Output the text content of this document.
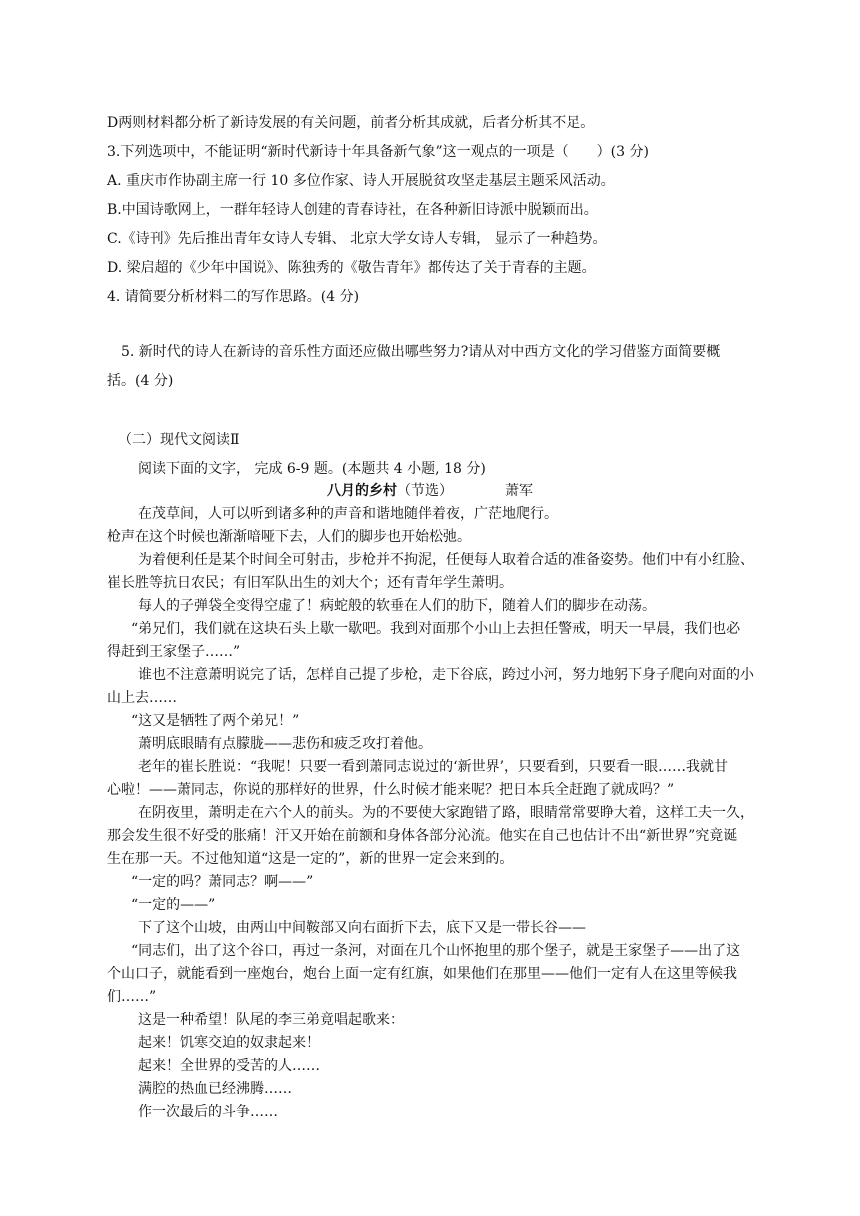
D两则材料都分析了新诗发展的有关问题，前者分析其成就，后者分析其不足。
3.下列选项中，不能证明“新时代新诗十年具备新气象”这一观点的一项是（　　）(3 分)
A. 重庆市作协副主席一行 10 多位作家、诗人开展脱贫攻坚走基层主题采风活动。
B.中国诗歌网上，一群年轻诗人创建的青春诗社，在各种新旧诗派中脱颖而出。
C.《诗刊》先后推出青年女诗人专辑、 北京大学女诗人专辑， 显示了一种趋势。
D. 梁启超的《少年中国说》、陈独秀的《敬告青年》都传达了关于青春的主题。
4. 请简要分析材料二的写作思路。(4 分)
5. 新时代的诗人在新诗的音乐性方面还应做出哪些努力?请从对中西方文化的学习借鉴方面简要概
括。(4 分)
（二）现代文阅读Ⅱ
阅读下面的文字， 完成 6-9 题。(本题共 4 小题, 18 分)
八月的乡村（节选）	萧军
在茂草间，人可以听到诸多种的声音和谐地随伴着夜，广茫地爬行。
枪声在这个时候也渐渐喑哑下去，人们的脚步也开始松弛。
为着便利任是某个时间全可射击，步枪并不拘泥，任便每人取着合适的准备姿势。他们中有小红脸、
崔长胜等抗日农民；有旧军队出生的刘大个；还有青年学生萧明。
每人的子弹袋全变得空虚了！病蛇般的软垂在人们的肋下，随着人们的脚步在动荡。
“弟兄们，我们就在这块石头上歇一歇吧。我到对面那个小山上去担任警戒，明天一早晨，我们也必
得赶到王家堡子……”
谁也不注意萧明说完了话，怎样自己提了步枪，走下谷底，跨过小河，努力地躬下身子爬向对面的小
山上去……
“这又是牺牲了两个弟兄！”
萧明底眼睛有点朦胧——悲伤和疲乏攻打着他。
老年的崔长胜说：“我呢！只要一看到萧同志说过的‘新世界’，只要看到，只要看一眼……我就甘
心啦！——萧同志，你说的那样好的世界，什么时候才能来呢？把日本兵全赶跑了就成吗？”
在阴夜里，萧明走在六个人的前头。为的不要使大家跑错了路，眼睛常常要睁大着，这样工夫一久，
那会发生很不好受的胀痛！汗又开始在前额和身体各部分沁流。他实在自己也估计不出“新世界”究竟诞
生在那一天。不过他知道“这是一定的”，新的世界一定会来到的。
“一定的吗？萧同志？啊——”
“一定的——”
下了这个山坡，由两山中间鞍部又向右面折下去，底下又是一带长谷——
“同志们，出了这个谷口，再过一条河，对面在几个山怀抱里的那个堡子，就是王家堡子——出了这
个山口子，就能看到一座炮台，炮台上面一定有红旗，如果他们在那里——他们一定有人在这里等候我
们……”
这是一种希望！队尾的李三弟竟唱起歌来：
起来！饥寒交迫的奴隶起来！
起来！全世界的受苦的人……
满腔的热血已经沸腾……
作一次最后的斗争……
